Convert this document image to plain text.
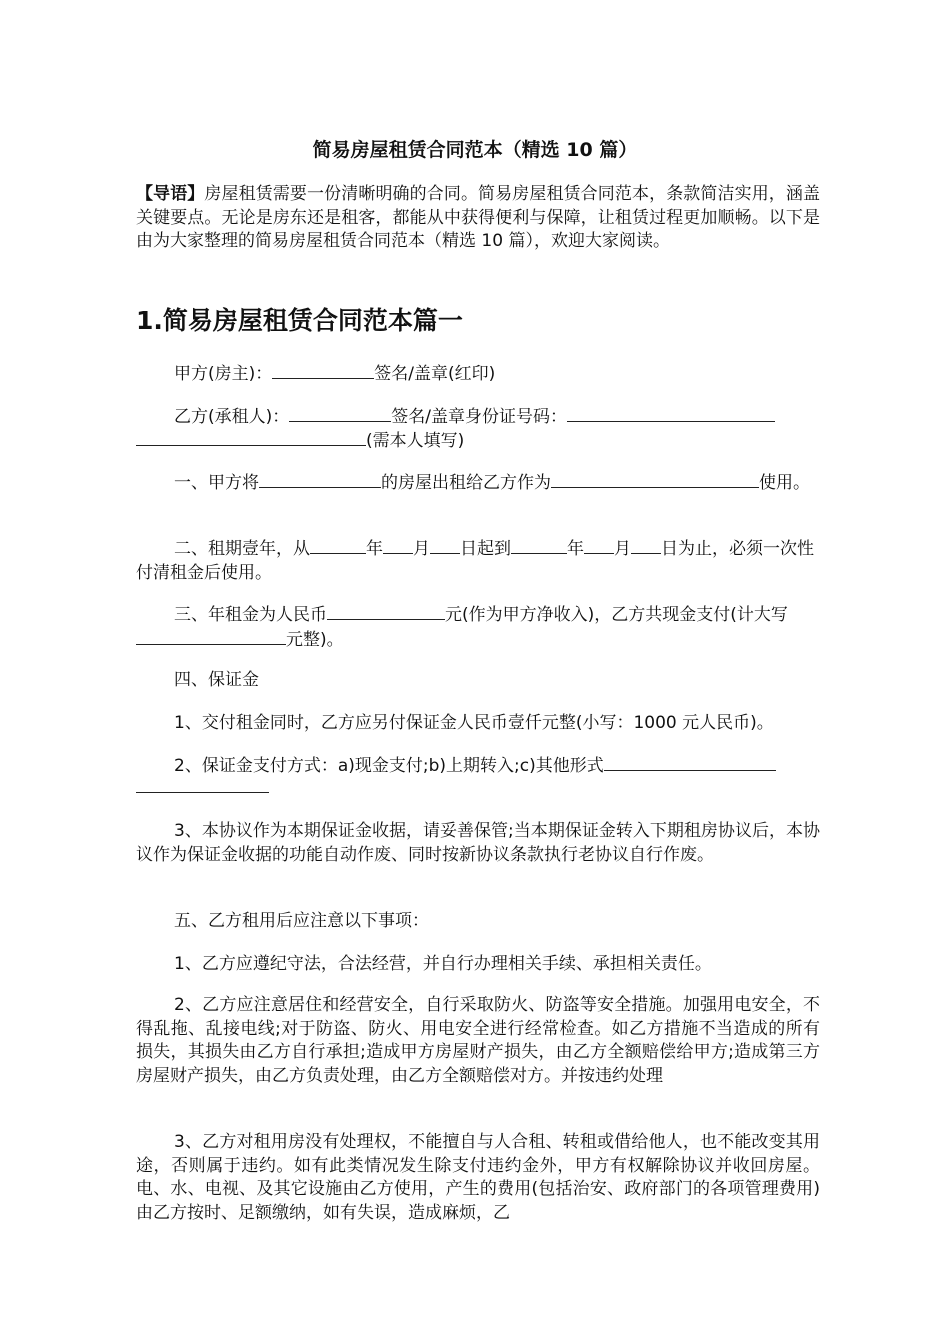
简易房屋租赁合同范本（精选 10 篇）
【导语】房屋租赁需要一份清晰明确的合同。简易房屋租赁合同范本，条款简洁实用，涵盖关键要点。无论是房东还是租客，都能从中获得便利与保障，让租赁过程更加顺畅。以下是由为大家整理的简易房屋租赁合同范本（精选 10 篇），欢迎大家阅读。
1.简易房屋租赁合同范本篇一
甲方(房主)：	签名/盖章(红印)
乙方(承租人)：	签名/盖章身份证号码：
(需本人填写)
一、甲方将	的房屋出租给乙方作为	使用。
二、租期壹年，从	年 月 日起到	年 月 日为止，必须一次性付清租金后使用。
三、年租金为人民币	元(作为甲方净收入)，乙方共现金支付(计大写元整)。
四、保证金
1、交付租金同时，乙方应另付保证金人民币壹仟元整(小写：1000 元人民币)。
2、保证金支付方式：a)现金支付;b)上期转入;c)其他形式
3、本协议作为本期保证金收据，请妥善保管;当本期保证金转入下期租房协议后，本协议作为保证金收据的功能自动作废、同时按新协议条款执行老协议自行作废。
五、乙方租用后应注意以下事项：
1、乙方应遵纪守法，合法经营，并自行办理相关手续、承担相关责任。
2、乙方应注意居住和经营安全，自行采取防火、防盗等安全措施。加强用电安全，不得乱拖、乱接电线;对于防盗、防火、用电安全进行经常检查。如乙方措施不当造成的所有损失，其损失由乙方自行承担;造成甲方房屋财产损失，由乙方全额赔偿给甲方;造成第三方房屋财产损失，由乙方负责处理，由乙方全额赔偿对方。并按违约处理
3、乙方对租用房没有处理权，不能擅自与人合租、转租或借给他人，也不能改变其用途，否则属于违约。如有此类情况发生除支付违约金外，甲方有权解除协议并收回房屋。电、水、电视、及其它设施由乙方使用，产生的费用(包括治安、政府部门的各项管理费用)由乙方按时、足额缴纳，如有失误，造成麻烦，乙
